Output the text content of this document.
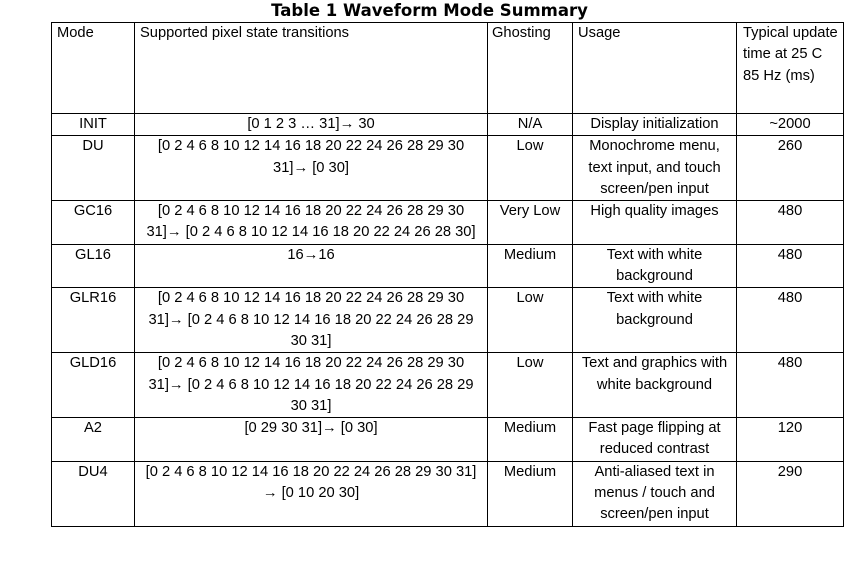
Table 1 Waveform Mode Summary
Mode	Supported pixel state transitions	Ghosting	Usage	Typical update time at 25 C 85 Hz (ms)
INIT	[0 1 2 3 … 31]→ 30	N/A	Display initialization	~2000
DU	[0 2 4 6 8 10 12 14 16 18 20 22 24 26 28 29 30 31]→ [0 30]	Low	Monochrome menu, text input, and touch screen/pen input	260
GC16	[0 2 4 6 8 10 12 14 16 18 20 22 24 26 28 29 30 31]→ [0 2 4 6 8 10 12 14 16 18 20 22 24 26 28 30]	Very Low	High quality images	480
GL16	16→16	Medium	Text with white background	480
GLR16	[0 2 4 6 8 10 12 14 16 18 20 22 24 26 28 29 30 31]→ [0 2 4 6 8 10 12 14 16 18 20 22 24 26 28 29 30 31]	Low	Text with white background	480
GLD16	[0 2 4 6 8 10 12 14 16 18 20 22 24 26 28 29 30 31]→ [0 2 4 6 8 10 12 14 16 18 20 22 24 26 28 29 30 31]	Low	Text and graphics with white background	480
A2	[0 29 30 31]→ [0 30]	Medium	Fast page flipping at reduced contrast	120
DU4	[0 2 4 6 8 10 12 14 16 18 20 22 24 26 28 29 30 31] → [0 10 20 30]	Medium	Anti-aliased text in menus / touch and screen/pen input	290
